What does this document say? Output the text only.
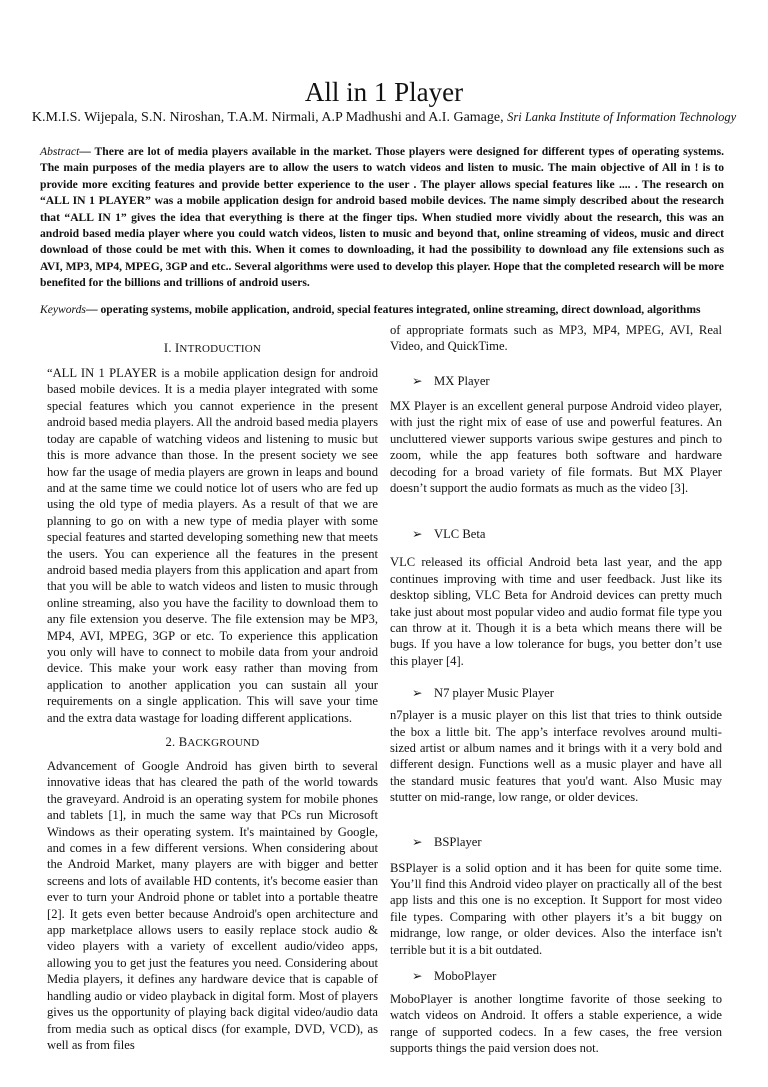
All in 1 Player
K.M.I.S. Wijepala, S.N. Niroshan, T.A.M. Nirmali, A.P Madhushi and A.I. Gamage, Sri Lanka Institute of Information Technology
Abstract— There are lot of media players available in the market. Those players were designed for different types of operating systems. The main purposes of the media players are to allow the users to watch videos and listen to music. The main objective of All in ! is to provide more exciting features and provide better experience to the user . The player allows special features like .... . The research on “ALL IN 1 PLAYER” was a mobile application design for android based mobile devices. The name simply described about the research that “ALL IN 1” gives the idea that everything is there at the finger tips. When studied more vividly about the research, this was an android based media player where you could watch videos, listen to music and beyond that, online streaming of videos, music and direct download of those could be met with this. When it comes to downloading, it had the possibility to download any file extensions such as AVI, MP3, MP4, MPEG, 3GP and etc.. Several algorithms were used to develop this player. Hope that the completed research will be more benefited for the billions and trillions of android users.
Keywords— operating systems, mobile application, android, special features integrated, online streaming, direct download, algorithms
I. INTRODUCTION

“ALL IN 1 PLAYER is a mobile application design for android based mobile devices. It is a media player integrated with some special features which you cannot experience in the present android based media players. All the android based media players today are capable of watching videos and listening to music but this is more advance than those. In the present society we see how far the usage of media players are grown in leaps and bound and at the same time we could notice lot of users who are fed up using the old type of media players. As a result of that we are planning to go on with a new type of media player with some special features and started developing something new that meets the users. You can experience all the features in the present android based media players from this application and apart from that you will be able to watch videos and listen to music through online streaming, also you have the facility to download them to any file extension you deserve. The file extension may be MP3, MP4, AVI, MPEG, 3GP or etc. To experience this application you only will have to connect to mobile data from your android device. This make your work easy rather than moving from application to another application you can sustain all your requirements on a single application. This will save your time and the extra data wastage for loading different applications.

2. BACKGROUND

Advancement of Google Android has given birth to several innovative ideas that has cleared the path of the world towards the graveyard. Android is an operating system for mobile phones and tablets [1], in much the same way that PCs run Microsoft Windows as their operating system. It's maintained by Google, and comes in a few different versions. When considering about the Android Market, many players are with bigger and better screens and lots of available HD contents, it's become easier than ever to turn your Android phone or tablet into a portable theatre [2]. It gets even better because Android's open architecture and app marketplace allows users to easily replace stock audio & video players with a variety of excellent audio/video apps, allowing you to get just the features you need. Considering about Media players, it defines any hardware device that is capable of handling audio or video playback in digital form. Most of players gives us the opportunity of playing back digital video/audio data from media such as optical discs (for example, DVD, VCD), as well as from files

of appropriate formats such as MP3, MP4, MPEG, AVI, Real Video, and QuickTime.

➢ MX Player

MX Player is an excellent general purpose Android video player, with just the right mix of ease of use and powerful features. An uncluttered viewer supports various swipe gestures and pinch to zoom, while the app features both software and hardware decoding for a broad variety of file formats. But MX Player doesn’t support the audio formats as much as the video [3].

➢ VLC Beta

VLC released its official Android beta last year, and the app continues improving with time and user feedback. Just like its desktop sibling, VLC Beta for Android devices can pretty much take just about most popular video and audio format file type you can throw at it. Though it is a beta which means there will be bugs. If you have a low tolerance for bugs, you better don’t use this player [4].

➢ N7 player Music Player

n7player is a music player on this list that tries to think outside the box a little bit. The app’s interface revolves around multi-sized artist or album names and it brings with it a very bold and different design. Functions well as a music player and have all the standard music features that you'd want. Also Music may stutter on mid-range, low range, or older devices.

➢ BSPlayer

BSPlayer is a solid option and it has been for quite some time. You’ll find this Android video player on practically all of the best app lists and this one is no exception. It Support for most video file types. Comparing with other players it’s a bit buggy on midrange, low range, or older devices. Also the interface isn't terrible but it is a bit outdated.

➢ MoboPlayer

MoboPlayer is another longtime favorite of those seeking to watch videos on Android. It offers a stable experience, a wide range of supported codecs. In a few cases, the free version supports things the paid version does not.
